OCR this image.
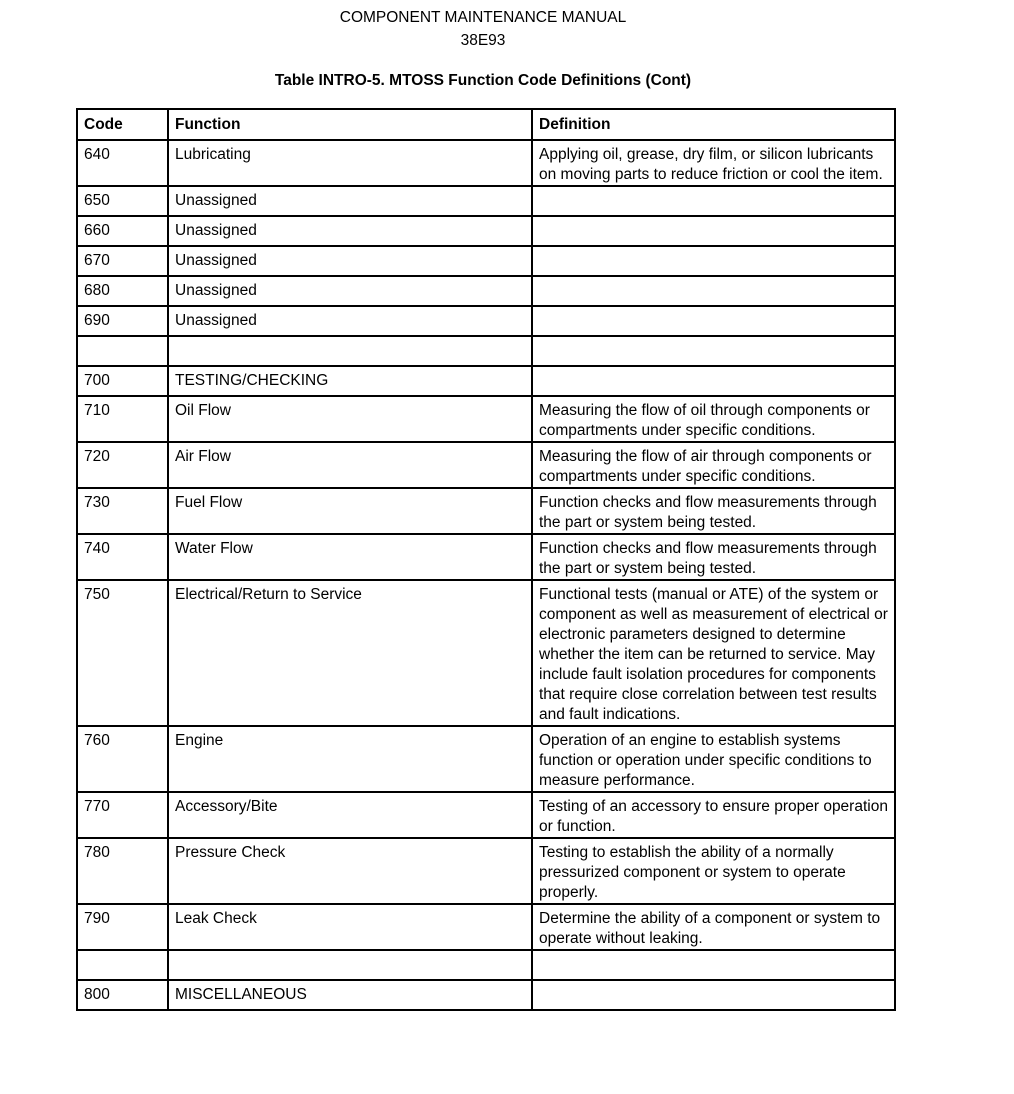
COMPONENT MAINTENANCE MANUAL
38E93
Table INTRO-5. MTOSS Function Code Definitions (Cont)
Code	Function	Definition
640	Lubricating	Applying oil, grease, dry film, or silicon lubricants on moving parts to reduce friction or cool the item.
650	Unassigned	
660	Unassigned	
670	Unassigned	
680	Unassigned	
690	Unassigned	

700	TESTING/CHECKING	
710	Oil Flow	Measuring the flow of oil through components or compartments under specific conditions.
720	Air Flow	Measuring the flow of air through components or compartments under specific conditions.
730	Fuel Flow	Function checks and flow measurements through the part or system being tested.
740	Water Flow	Function checks and flow measurements through the part or system being tested.
750	Electrical/Return to Service	Functional tests (manual or ATE) of the system or component as well as measurement of electrical or electronic parameters designed to determine whether the item can be returned to service. May include fault isolation procedures for components that require close correlation between test results and fault indications.
760	Engine	Operation of an engine to establish systems function or operation under specific conditions to measure performance.
770	Accessory/Bite	Testing of an accessory to ensure proper operation or function.
780	Pressure Check	Testing to establish the ability of a normally pressurized component or system to operate properly.
790	Leak Check	Determine the ability of a component or system to operate without leaking.

800	MISCELLANEOUS	
